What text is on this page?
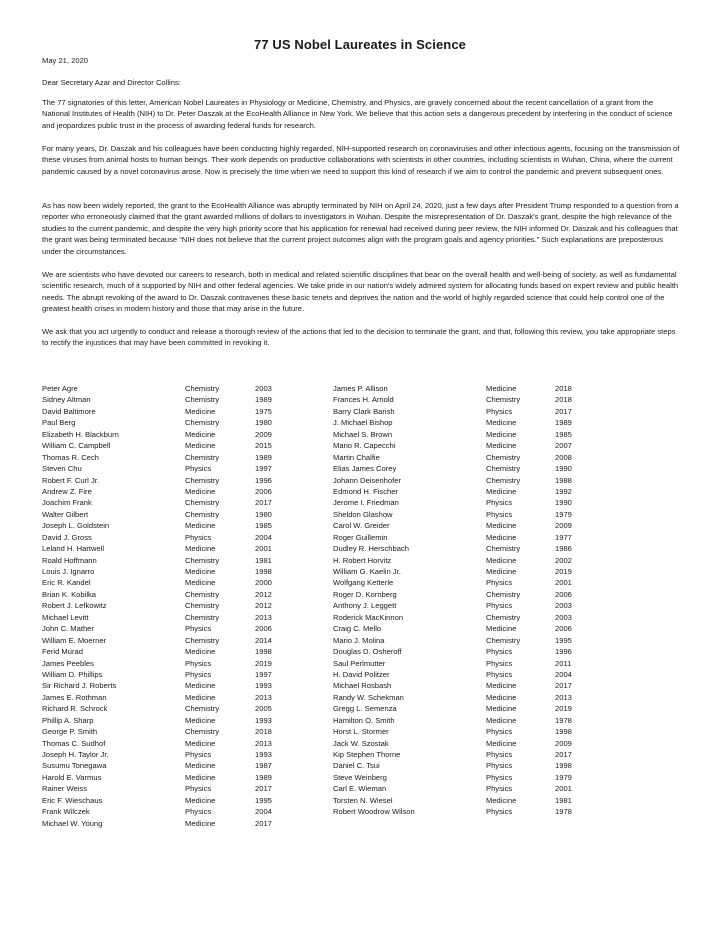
77 US Nobel Laureates in Science
May 21, 2020
Dear Secretary Azar and Director Collins:

The 77 signatories of this letter, American Nobel Laureates in Physiology or Medicine, Chemistry, and Physics, are gravely concerned about the recent cancellation of a grant from the National Institutes of Health (NIH) to Dr. Peter Daszak at the EcoHealth Alliance in New York. We believe that this action sets a dangerous precedent by interfering in the conduct of science and jeopardizes public trust in the process of awarding federal funds for research.

For many years, Dr. Daszak and his colleagues have been conducting highly regarded, NIH-supported research on coronaviruses and other infectious agents, focusing on the transmission of these viruses from animal hosts to human beings. Their work depends on productive collaborations with scientists in other countries, including scientists in Wuhan, China, where the current pandemic caused by a novel coronavirus arose. Now is precisely the time when we need to support this kind of research if we aim to control the pandemic and prevent subsequent ones.

As has now been widely reported, the grant to the EcoHealth Alliance was abruptly terminated by NIH on April 24, 2020, just a few days after President Trump responded to a question from a reporter who erroneously claimed that the grant awarded millions of dollars to investigators in Wuhan. Despite the misrepresentation of Dr. Daszak's grant, despite the high relevance of the studies to the current pandemic, and despite the very high priority score that his application for renewal had received during peer review, the NIH informed Dr. Daszak and his colleagues that the grant was being terminated because “NIH does not believe that the current project outcomes align with the program goals and agency priorities.” Such explanations are preposterous under the circumstances.

We are scientists who have devoted our careers to research, both in medical and related scientific disciplines that bear on the overall health and well-being of society, as well as fundamental scientific research, much of it supported by NIH and other federal agencies. We take pride in our nation's widely admired system for allocating funds based on expert review and public health needs. The abrupt revoking of the award to Dr. Daszak contravenes these basic tenets and deprives the nation and the world of highly regarded science that could help control one of the greatest health crises in modern history and those that may arise in the future.

We ask that you act urgently to conduct and release a thorough review of the actions that led to the decision to terminate the grant, and that, following this review, you take appropriate steps to rectify the injustices that may have been committed in revoking it.

Peter Agre	Chemistry	2003
Sidney Altman	Chemistry	1989
David Baltimore	Medicine	1975
Paul Berg	Chemistry	1980
Elizabeth H. Blackburn	Medicine	2009
William C. Campbell	Medicine	2015
Thomas R. Cech	Chemistry	1989
Steven Chu	Physics	1997
Robert F. Curl Jr.	Chemistry	1996
Andrew Z. Fire	Medicine	2006
Joachim Frank	Chemistry	2017
Walter Gilbert	Chemistry	1980
Joseph L. Goldstein	Medicine	1985
David J. Gross	Physics	2004
Leland H. Hartwell	Medicine	2001
Roald Hoffmann	Chemistry	1981
Louis J. Ignarro	Medicine	1998
Eric R. Kandel	Medicine	2000
Brian K. Kobilka	Chemistry	2012
Robert J. Lefkowitz	Chemistry	2012
Michael Levitt	Chemistry	2013
John C. Mather	Physics	2006
William E. Moerner	Chemistry	2014
Ferid Murad	Medicine	1998
James Peebles	Physics	2019
William D. Phillips	Physics	1997
Sir Richard J. Roberts	Medicine	1993
James E. Rothman	Medicine	2013
Richard R. Schrock	Chemistry	2005
Phillip A. Sharp	Medicine	1993
George P. Smith	Chemistry	2018
Thomas C. Sudhof	Medicine	2013
Joseph H. Taylor Jr.	Physics	1993
Susumu Tonegawa	Medicine	1987
Harold E. Varmus	Medicine	1989
Rainer Weiss	Physics	2017
Eric F. Wieschaus	Medicine	1995
Frank Wilczek	Physics	2004
Michael W. Young	Medicine	2017
James P. Allison	Medicine	2018
Frances H. Arnold	Chemistry	2018
Barry Clark Barish	Physics	2017
J. Michael Bishop	Medicine	1989
Michael S. Brown	Medicine	1985
Mario R. Capecchi	Medicine	2007
Martin Chalfie	Chemistry	2008
Elias James Corey	Chemistry	1990
Johann Deisenhofer	Chemistry	1988
Edmond H. Fischer	Medicine	1992
Jerome I. Friedman	Physics	1990
Sheldon Glashow	Physics	1979
Carol W. Greider	Medicine	2009
Roger Guillemin	Medicine	1977
Dudley R. Herschbach	Chemistry	1986
H. Robert Horvitz	Medicine	2002
William G. Kaelin Jr.	Medicine	2019
Wolfgang Ketterle	Physics	2001
Roger D. Kornberg	Chemistry	2006
Anthony J. Leggett	Physics	2003
Roderick MacKinnon	Chemistry	2003
Craig C. Mello	Medicine	2006
Mario J. Molina	Chemistry	1995
Douglas D. Osheroff	Physics	1996
Saul Perlmutter	Physics	2011
H. David Politzer	Physics	2004
Michael Rosbash	Medicine	2017
Randy W. Schekman	Medicine	2013
Gregg L. Semenza	Medicine	2019
Hamilton O. Smith	Medicine	1978
Horst L. Stormer	Physics	1998
Jack W. Szostak	Medicine	2009
Kip Stephen Thorne	Physics	2017
Daniel C. Tsui	Physics	1998
Steve Weinberg	Physics	1979
Carl E. Wieman	Physics	2001
Torsten N. Wiesel	Medicine	1981
Robert Woodrow Wilson	Physics	1978
